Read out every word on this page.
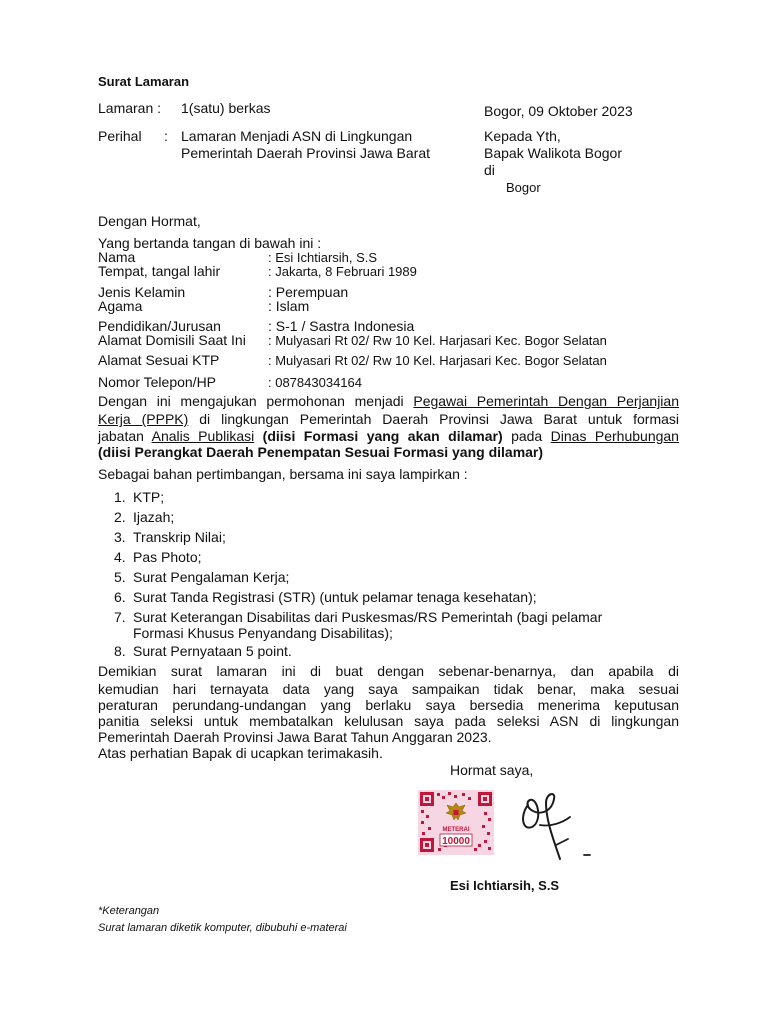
Surat Lamaran
Lamaran : 1(satu) berkas	Bogor, 09 Oktober 2023
Perihal : Lamaran Menjadi ASN di Lingkungan
Pemerintah Daerah Provinsi Jawa Barat
Kepada Yth,
Bapak Walikota Bogor
di
Bogor
Dengan Hormat,
Yang bertanda tangan di bawah ini :
Nama	: Esi Ichtiarsih, S.S
Tempat, tangal lahir	: Jakarta, 8 Februari 1989
Jenis Kelamin	: Perempuan
Agama	: Islam
Pendidikan/Jurusan	: S-1 / Sastra Indonesia
Alamat Domisili Saat Ini : Mulyasari Rt 02/ Rw 10 Kel. Harjasari Kec. Bogor Selatan
Alamat Sesuai KTP	: Mulyasari Rt 02/ Rw 10 Kel. Harjasari Kec. Bogor Selatan
Nomor Telepon/HP	: 087843034164
Dengan ini mengajukan permohonan menjadi Pegawai Pemerintah Dengan Perjanjian
Kerja (PPPK) di lingkungan Pemerintah Daerah Provinsi Jawa Barat untuk formasi
jabatan Analis Publikasi (diisi Formasi yang akan dilamar) pada Dinas Perhubungan
(diisi Perangkat Daerah Penempatan Sesuai Formasi yang dilamar)
Sebagai bahan pertimbangan, bersama ini saya lampirkan :
1. KTP;
2. Ijazah;
3. Transkrip Nilai;
4. Pas Photo;
5. Surat Pengalaman Kerja;
6. Surat Tanda Registrasi (STR) (untuk pelamar tenaga kesehatan);
7. Surat Keterangan Disabilitas dari Puskesmas/RS Pemerintah (bagi pelamar
Formasi Khusus Penyandang Disabilitas);
8. Surat Pernyataan 5 point.
Demikian surat lamaran ini di buat dengan sebenar-benarnya, dan apabila di
kemudian hari ternayata data yang saya sampaikan tidak benar, maka sesuai
peraturan perundang-undangan yang berlaku saya bersedia menerima keputusan
panitia seleksi untuk membatalkan kelulusan saya pada seleksi ASN di lingkungan
Pemerintah Daerah Provinsi Jawa Barat Tahun Anggaran 2023.
Atas perhatian Bapak di ucapkan terimakasih.
Hormat saya,
METERAI
10000
Esi Ichtiarsih, S.S
*Keterangan
Surat lamaran diketik komputer, dibubuhi e-materai
